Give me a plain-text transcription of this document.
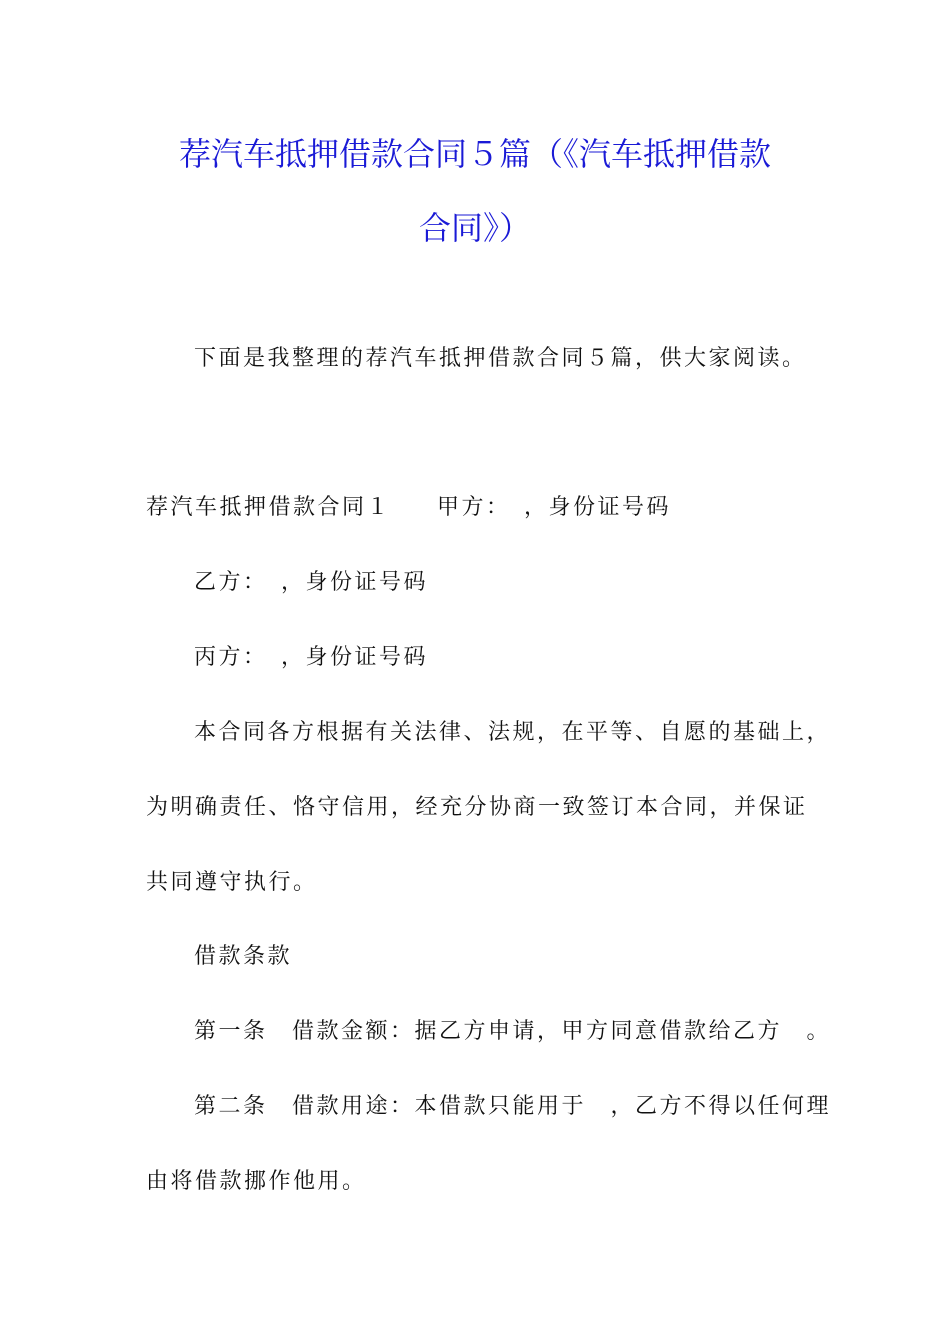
荐汽车抵押借款合同５篇（《汽车抵押借款
合同》）
下面是我整理的荐汽车抵押借款合同５篇，供大家阅读。
荐汽车抵押借款合同１ 甲方：　，身份证号码
乙方：　，身份证号码
丙方：　，身份证号码
本合同各方根据有关法律、法规，在平等、自愿的基础上，
为明确责任、恪守信用，经充分协商一致签订本合同，并保证
共同遵守执行。
借款条款
第一条　借款金额：据乙方申请，甲方同意借款给乙方　。
第二条　借款用途：本借款只能用于　，乙方不得以任何理
由将借款挪作他用。
